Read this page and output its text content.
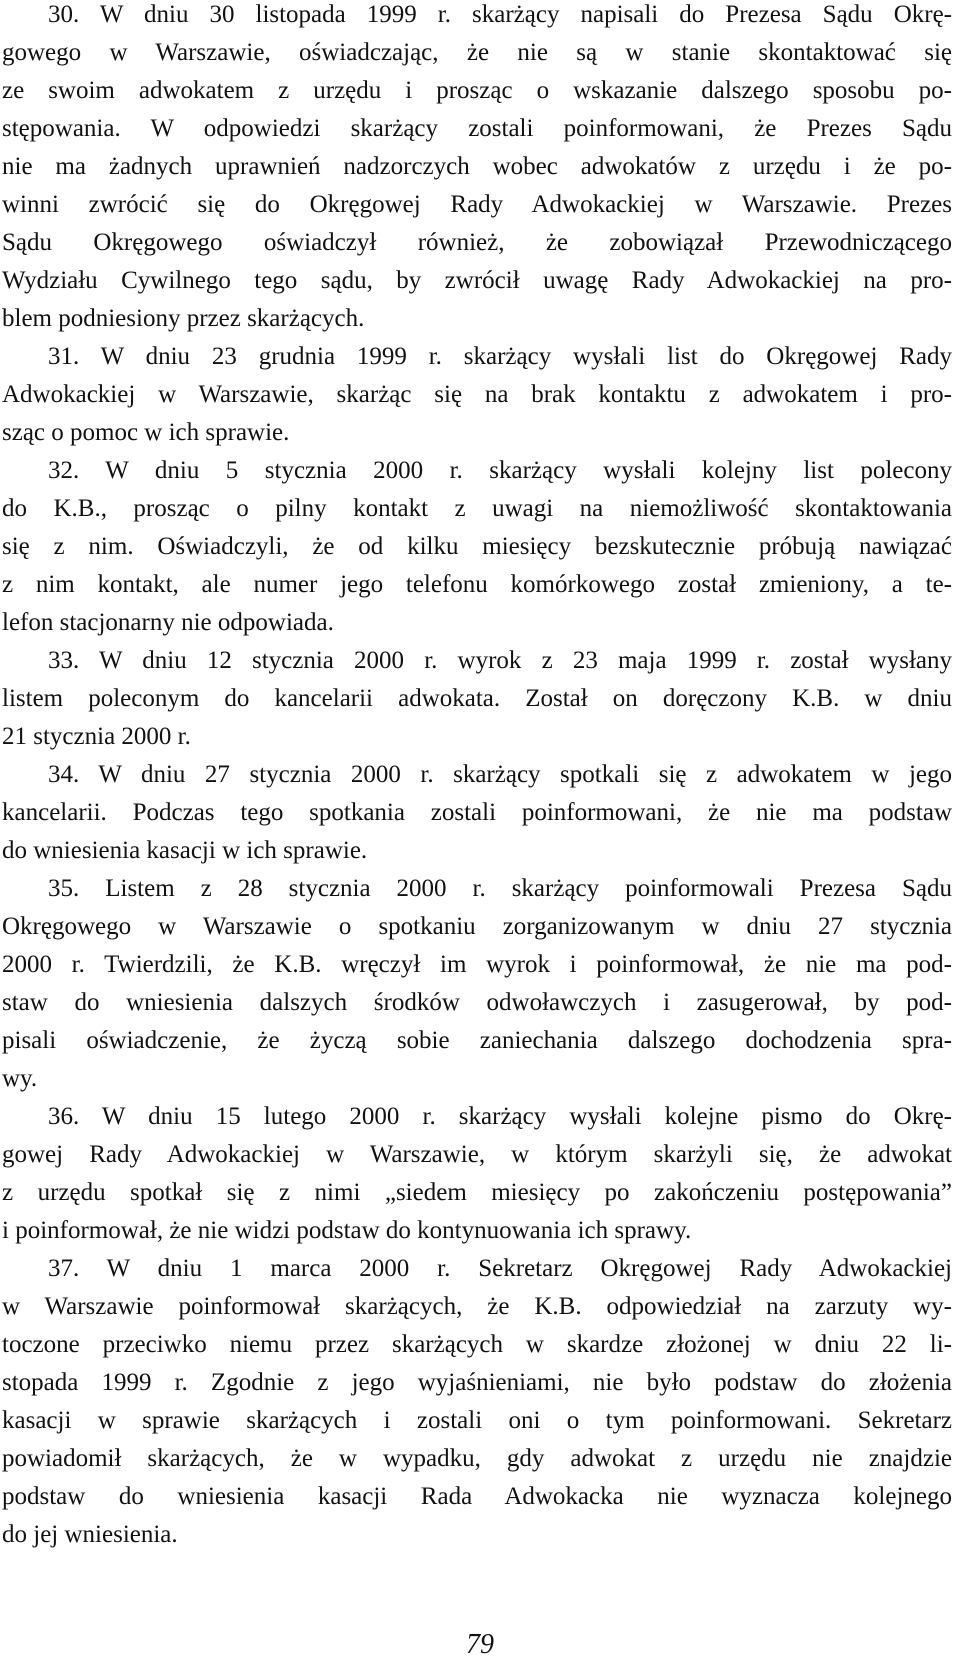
30. W dniu 30 listopada 1999 r. skarżący napisali do Prezesa Sądu Okrę-
gowego w Warszawie, oświadczając, że nie są w stanie skontaktować się
ze swoim adwokatem z urzędu i prosząc o wskazanie dalszego sposobu po-
stępowania. W odpowiedzi skarżący zostali poinformowani, że Prezes Sądu
nie ma żadnych uprawnień nadzorczych wobec adwokatów z urzędu i że po-
winni zwrócić się do Okręgowej Rady Adwokackiej w Warszawie. Prezes
Sądu Okręgowego oświadczył również, że zobowiązał Przewodniczącego
Wydziału Cywilnego tego sądu, by zwrócił uwagę Rady Adwokackiej na pro-
blem podniesiony przez skarżących.
31. W dniu 23 grudnia 1999 r. skarżący wysłali list do Okręgowej Rady
Adwokackiej w Warszawie, skarżąc się na brak kontaktu z adwokatem i pro-
sząc o pomoc w ich sprawie.
32. W dniu 5 stycznia 2000 r. skarżący wysłali kolejny list polecony
do K.B., prosząc o pilny kontakt z uwagi na niemożliwość skontaktowania
się z nim. Oświadczyli, że od kilku miesięcy bezskutecznie próbują nawiązać
z nim kontakt, ale numer jego telefonu komórkowego został zmieniony, a te-
lefon stacjonarny nie odpowiada.
33. W dniu 12 stycznia 2000 r. wyrok z 23 maja 1999 r. został wysłany
listem poleconym do kancelarii adwokata. Został on doręczony K.B. w dniu
21 stycznia 2000 r.
34. W dniu 27 stycznia 2000 r. skarżący spotkali się z adwokatem w jego
kancelarii. Podczas tego spotkania zostali poinformowani, że nie ma podstaw
do wniesienia kasacji w ich sprawie.
35. Listem z 28 stycznia 2000 r. skarżący poinformowali Prezesa Sądu
Okręgowego w Warszawie o spotkaniu zorganizowanym w dniu 27 stycznia
2000 r. Twierdzili, że K.B. wręczył im wyrok i poinformował, że nie ma pod-
staw do wniesienia dalszych środków odwoławczych i zasugerował, by pod-
pisali oświadczenie, że życzą sobie zaniechania dalszego dochodzenia spra-
wy.
36. W dniu 15 lutego 2000 r. skarżący wysłali kolejne pismo do Okrę-
gowej Rady Adwokackiej w Warszawie, w którym skarżyli się, że adwokat
z urzędu spotkał się z nimi „siedem miesięcy po zakończeniu postępowania”
i poinformował, że nie widzi podstaw do kontynuowania ich sprawy.
37. W dniu 1 marca 2000 r. Sekretarz Okręgowej Rady Adwokackiej
w Warszawie poinformował skarżących, że K.B. odpowiedział na zarzuty wy-
toczone przeciwko niemu przez skarżących w skardze złożonej w dniu 22 li-
stopada 1999 r. Zgodnie z jego wyjaśnieniami, nie było podstaw do złożenia
kasacji w sprawie skarżących i zostali oni o tym poinformowani. Sekretarz
powiadomił skarżących, że w wypadku, gdy adwokat z urzędu nie znajdzie
podstaw do wniesienia kasacji Rada Adwokacka nie wyznacza kolejnego
do jej wniesienia.
79
